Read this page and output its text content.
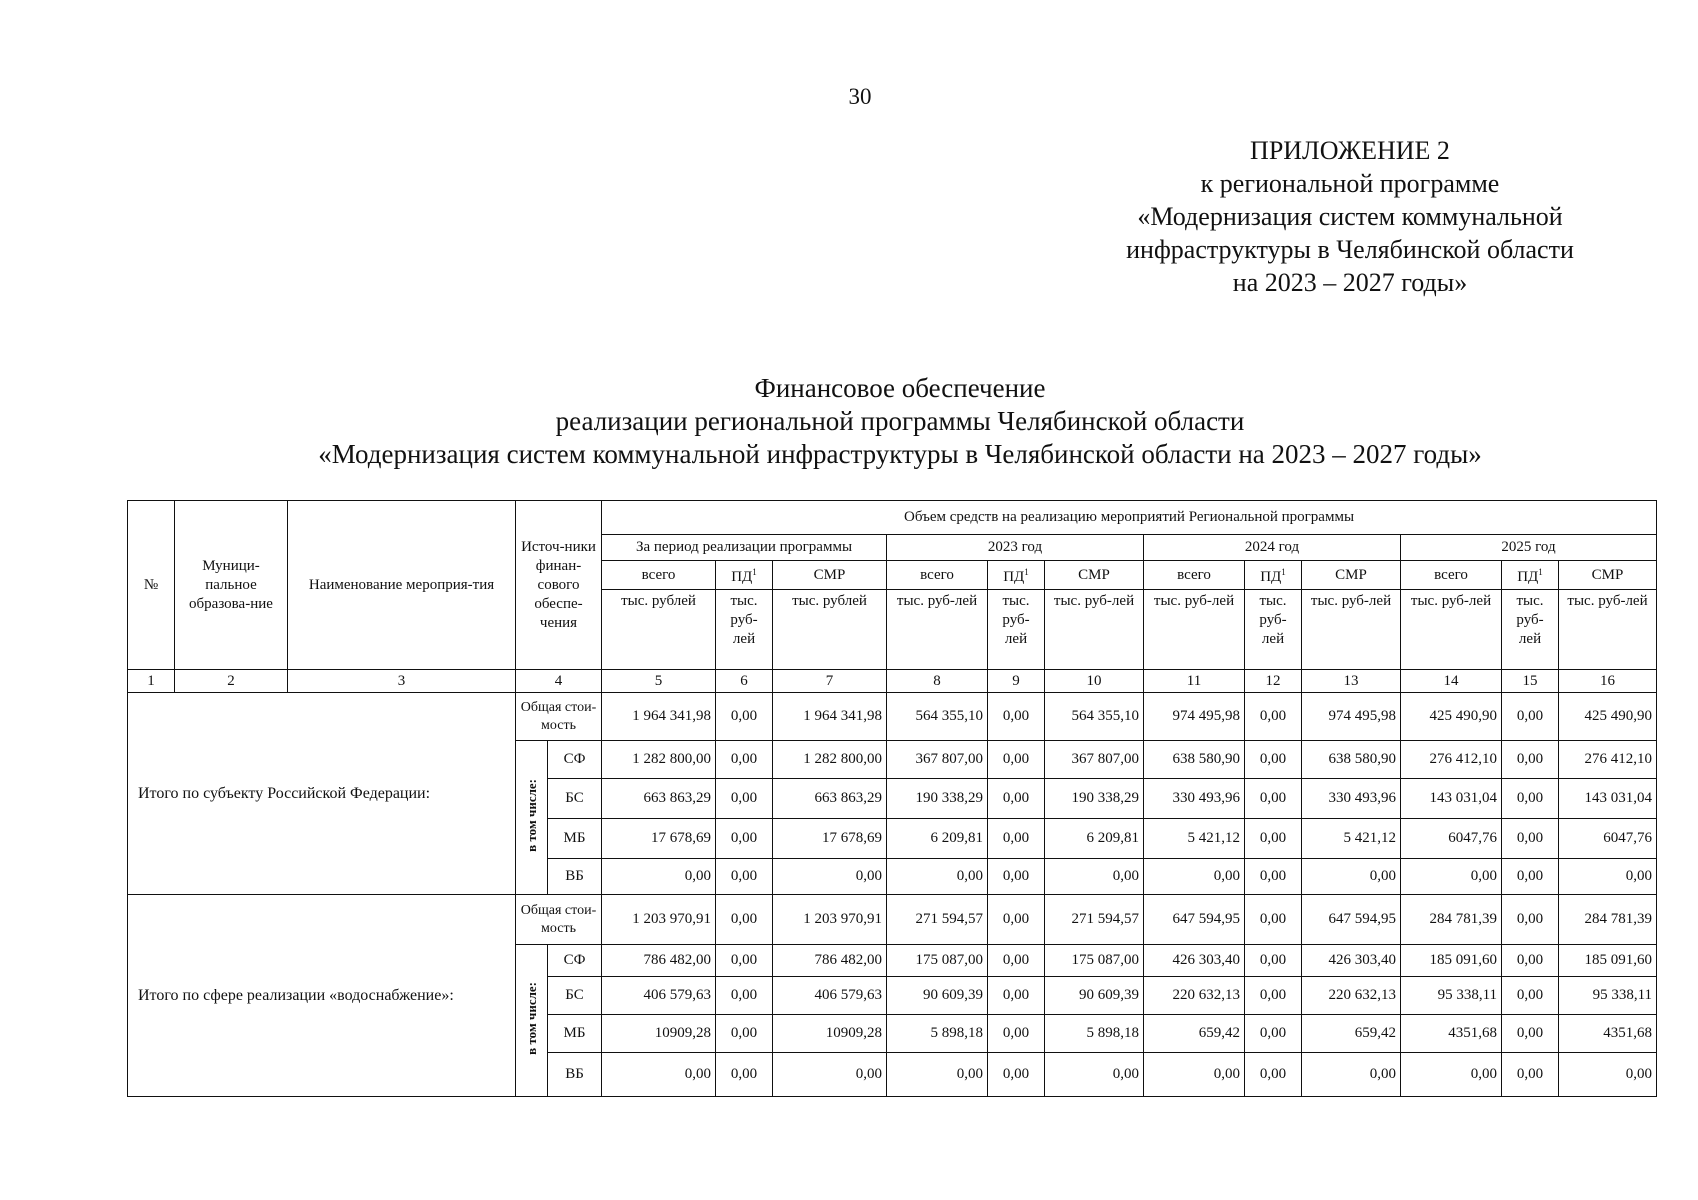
30
ПРИЛОЖЕНИЕ 2
к региональной программе
«Модернизация систем коммунальной
инфраструктуры в Челябинской области
на 2023 – 2027 годы»
Финансовое обеспечение
реализации региональной программы Челябинской области
«Модернизация систем коммунальной инфраструктуры в Челябинской области на 2023 – 2027 годы»
№	Муници-пальное образова-ние	Наименование мероприя-тия	Источ-ники финан-сового обеспе-чения		Объем средств на реализацию мероприятий Региональной программы											
					За период реализации программы			2023 год			2024 год			2025 год		
					всего	$ПД^1$	СМР	всего	$ПД^1$	СМР	всего	$ПД^1$	СМР	всего	$ПД^1$	СМР
					тыс. рублей	тыс. руб-лей	тыс. рублей	тыс. руб-лей	тыс. руб-лей	тыс. руб-лей	тыс. руб-лей	тыс. руб-лей	тыс. руб-лей	тыс. руб-лей	тыс. руб-лей	тыс. руб-лей
1	2	3	4		5	6	7	8	9	10	11	12	13	14	15	16
Итого по субъекту Российской Федерации:			Общая стои-мость		1 964 341,98	0,00	1 964 341,98	564 355,10	0,00	564 355,10	974 495,98	0,00	974 495,98	425 490,90	0,00	425 490,90
			в том числе:	СФ	1 282 800,00	0,00	1 282 800,00	367 807,00	0,00	367 807,00	638 580,90	0,00	638 580,90	276 412,10	0,00	276 412,10
				БС	663 863,29	0,00	663 863,29	190 338,29	0,00	190 338,29	330 493,96	0,00	330 493,96	143 031,04	0,00	143 031,04
				МБ	17 678,69	0,00	17 678,69	6 209,81	0,00	6 209,81	5 421,12	0,00	5 421,12	6047,76	0,00	6047,76
				ВБ	0,00	0,00	0,00	0,00	0,00	0,00	0,00	0,00	0,00	0,00	0,00	0,00
Итого по сфере реализации «водоснабжение»:			Общая стои-мость		1 203 970,91	0,00	1 203 970,91	271 594,57	0,00	271 594,57	647 594,95	0,00	647 594,95	284 781,39	0,00	284 781,39
			в том числе:	СФ	786 482,00	0,00	786 482,00	175 087,00	0,00	175 087,00	426 303,40	0,00	426 303,40	185 091,60	0,00	185 091,60
				БС	406 579,63	0,00	406 579,63	90 609,39	0,00	90 609,39	220 632,13	0,00	220 632,13	95 338,11	0,00	95 338,11
				МБ	10909,28	0,00	10909,28	5 898,18	0,00	5 898,18	659,42	0,00	659,42	4351,68	0,00	4351,68
				ВБ	0,00	0,00	0,00	0,00	0,00	0,00	0,00	0,00	0,00	0,00	0,00	0,00
